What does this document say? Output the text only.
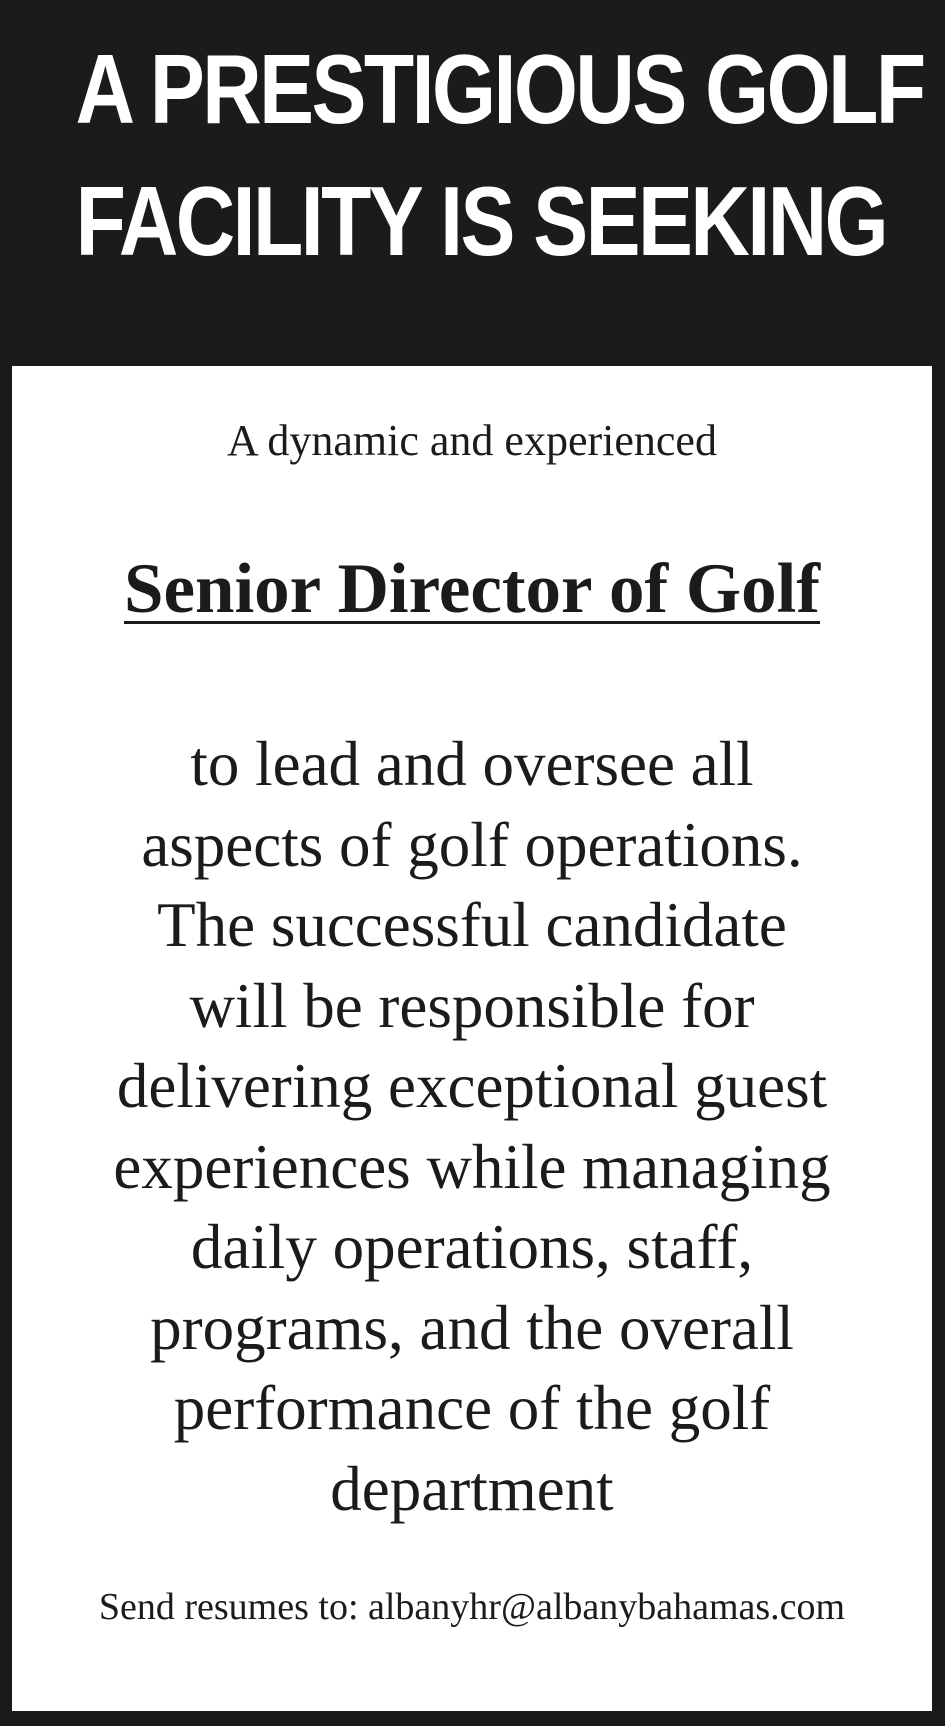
A PRESTIGIOUS GOLF
FACILITY IS SEEKING
A dynamic and experienced
Senior Director of Golf
to lead and oversee all
aspects of golf operations.
The successful candidate
will be responsible for
delivering exceptional guest
experiences while managing
daily operations, staff,
programs, and the overall
performance of the golf
department
Send resumes to: albanyhr@albanybahamas.com
